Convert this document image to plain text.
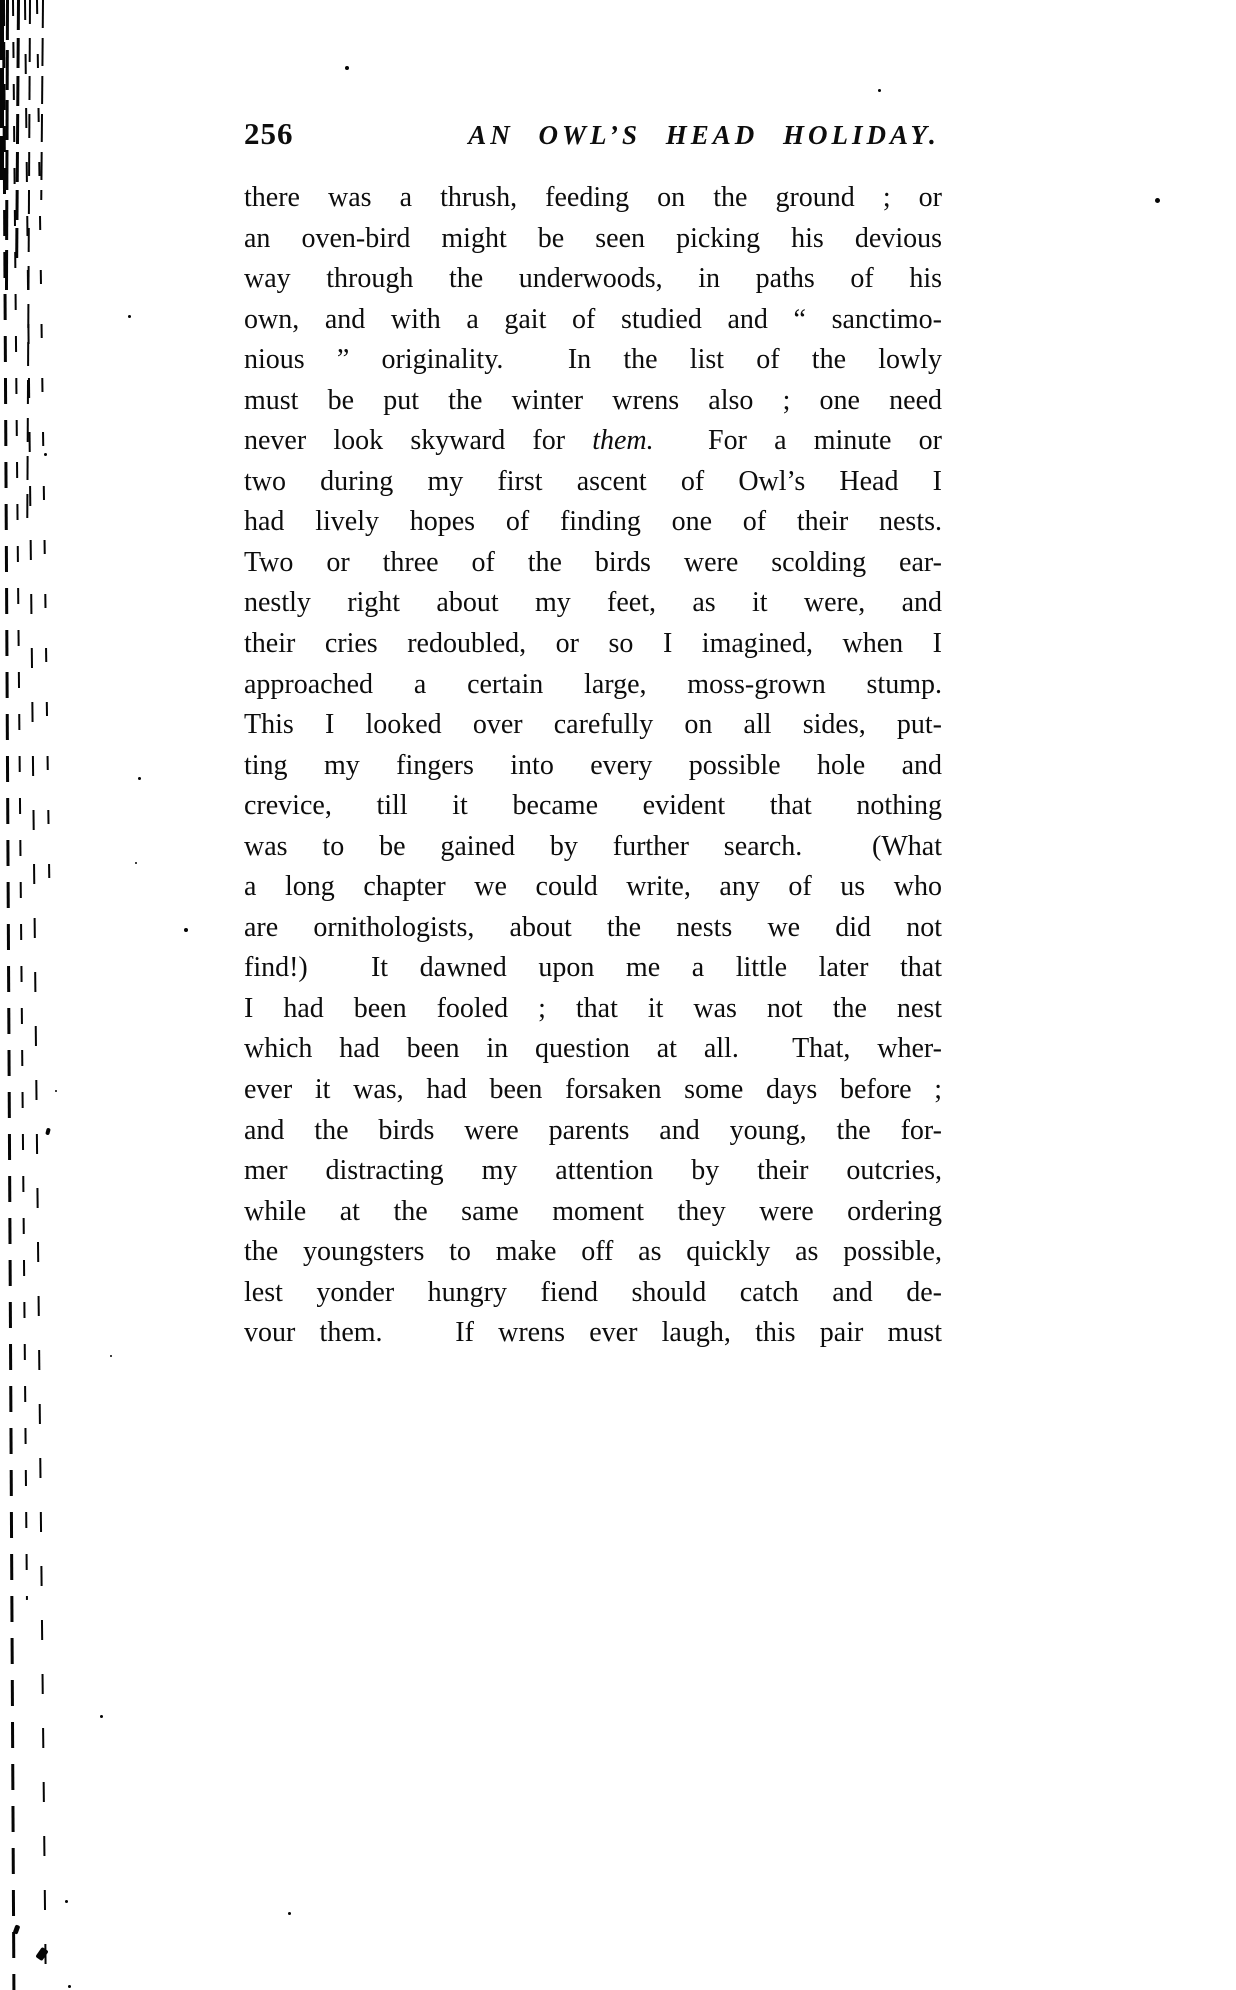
256	AN OWL’S HEAD HOLIDAY.
there was a thrush, feeding on the ground ; or
an oven-bird might be seen picking his devious
way through the underwoods, in paths of his
own, and with a gait of studied and “ sanctimo-
nious ” originality.  In the list of the lowly
must be put the winter wrens also ; one need
never look skyward for them.  For a minute or
two during my first ascent of Owl’s Head I
had lively hopes of finding one of their nests.
Two or three of the birds were scolding ear-
nestly right about my feet, as it were, and
their cries redoubled, or so I imagined, when I
approached a certain large, moss-grown stump.
This I looked over carefully on all sides, put-
ting my fingers into every possible hole and
crevice, till it became evident that nothing
was to be gained by further search.  (What
a long chapter we could write, any of us who
are ornithologists, about the nests we did not
find!)  It dawned upon me a little later that
I had been fooled ; that it was not the nest
which had been in question at all.  That, wher-
ever it was, had been forsaken some days before ;
and the birds were parents and young, the for-
mer distracting my attention by their outcries,
while at the same moment they were ordering
the youngsters to make off as quickly as possible,
lest yonder hungry fiend should catch and de-
vour them.   If wrens ever laugh, this pair must
